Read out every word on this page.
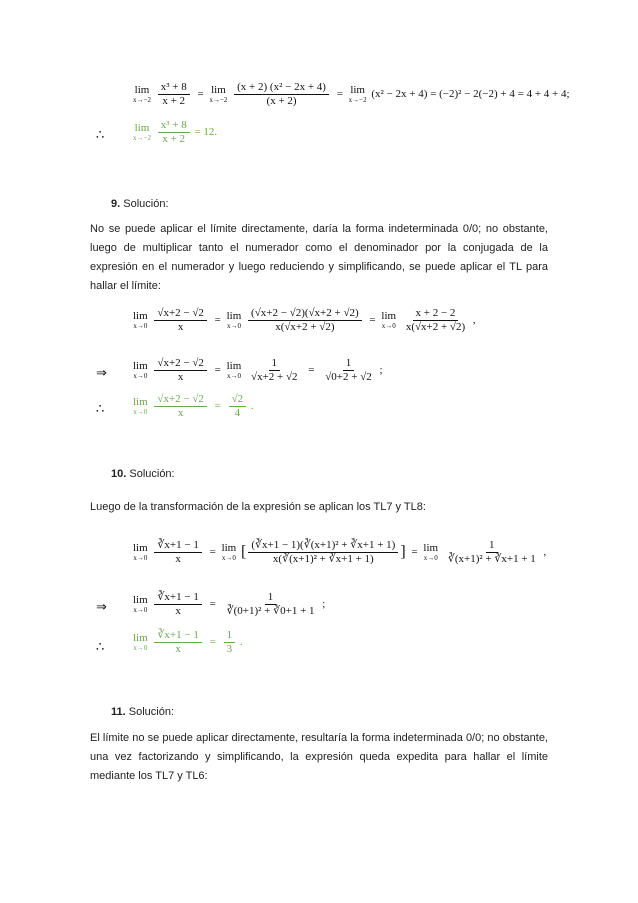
lim
x→−2
$\frac{\text{x³ + 8}}{x + 2} = \lim$
x→−2
$\frac{\text{(x + 2) (x² − 2x + 4)}}{(x + 2)} = \lim$
x→−2 (x² − 2x + 4) = (−2)² − 2(−2) + 4 = 4 + 4 + 4;
∴	lim
x→−2
$\frac{\text{x³ + 8}}{x + 2} = 12$.
9. Solución:
No se puede aplicar el límite directamente, daría la forma indeterminada 0/0; no obstante, luego de multiplicar tanto el numerador como el denominador por la conjugada de la expresión en el numerador y luego reduciendo y simplificando, se puede aplicar el TL para hallar el límite:
lim
x→0
$\frac{√x+2 - √2}{x} = \lim$
x→0
$\frac{(√x+2 - √2)(√x+2 + √2)}{x(√x+2 + √2)} = \lim$
x→0
$\frac{x + 2 - 2}{x(√x+2 + √2)}$ ,
⇒ lim
x→0
$\frac{√x+2 - √2}{x} = \lim$
x→0
$\frac{1}{√x+2 + √2} = \frac{1}{√0+2 + √2}$ ;
∴	lim
x→0
$\frac{√x+2 - √2}{x} = \frac{√2}{4}$ .
10. Solución:
Luego de la transformación de la expresión se aplican los TL7 y TL8:
lim
x→0
$\frac{∛x+1 - 1}{x} = \lim$
x→0 [ $\frac{\text{(∛x+1 − 1)(∛(x+1)² + ∛x+1 + 1)}}{\text{x(∛(x+1)² + ∛x+1 + 1)}}$ ] = lim
x→0
$\frac{1}{\text{∛(x+1)² + ∛x+1 + 1}}$ ,
⇒ lim
x→0
$\frac{∛x+1 - 1}{x} = \frac{1}{\text{∛(0+1)² + ∛0+1 + 1}}$ ;
∴
lim
x→0
$\frac{∛x+1 - 1}{x} = \frac{1}{3}$ .
11. Solución:
El límite no se puede aplicar directamente, resultaría la forma indeterminada 0/0; no obstante, una vez factorizando y simplificando, la expresión queda expedita para hallar el límite mediante los TL7 y TL6:
